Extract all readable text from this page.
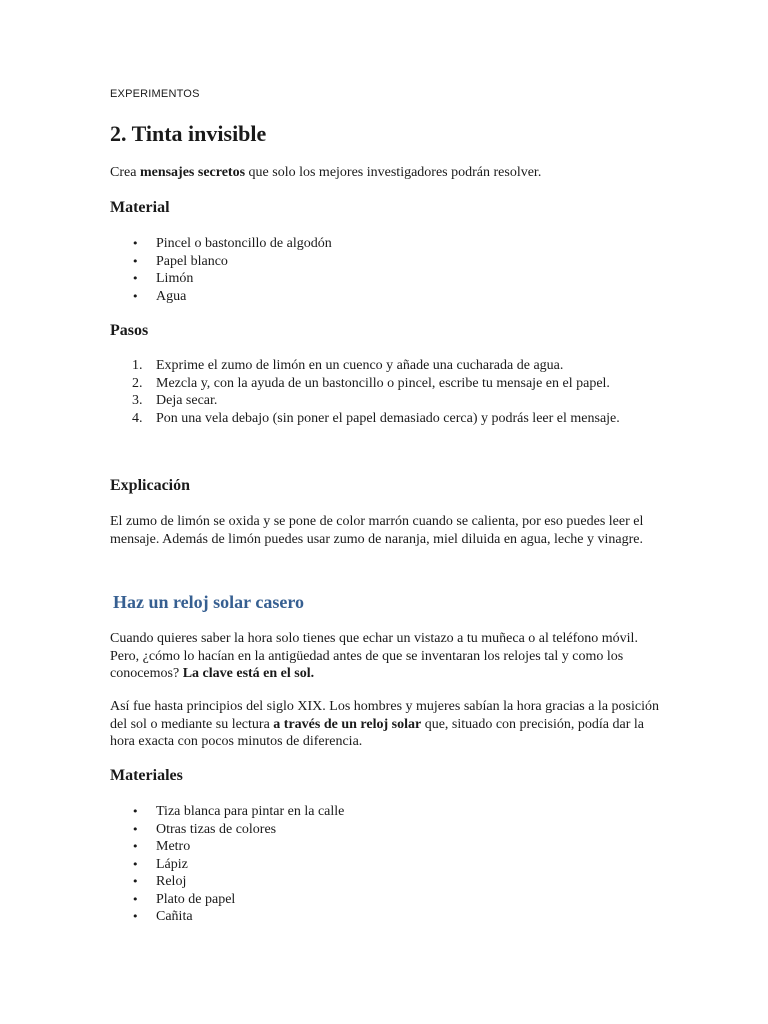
EXPERIMENTOS
2. Tinta invisible

Crea mensajes secretos que solo los mejores investigadores podrán resolver.

Material
• Pincel o bastoncillo de algodón
• Papel blanco
• Limón
• Agua
Pasos
1. Exprime el zumo de limón en un cuenco y añade una cucharada de agua.
2. Mezcla y, con la ayuda de un bastoncillo o pincel, escribe tu mensaje en el papel.
3. Deja secar.
4. Pon una vela debajo (sin poner el papel demasiado cerca) y podrás leer el mensaje.
Explicación

El zumo de limón se oxida y se pone de color marrón cuando se calienta, por eso puedes leer el mensaje. Además de limón puedes usar zumo de naranja, miel diluida en agua, leche y vinagre.

Haz un reloj solar casero

Cuando quieres saber la hora solo tienes que echar un vistazo a tu muñeca o al teléfono móvil. Pero, ¿cómo lo hacían en la antigüedad antes de que se inventaran los relojes tal y como los conocemos? La clave está en el sol.

Así fue hasta principios del siglo XIX. Los hombres y mujeres sabían la hora gracias a la posición del sol o mediante su lectura a través de un reloj solar que, situado con precisión, podía dar la hora exacta con pocos minutos de diferencia.

Materiales
• Tiza blanca para pintar en la calle
• Otras tizas de colores
• Metro
• Lápiz
• Reloj
• Plato de papel
• Cañita
